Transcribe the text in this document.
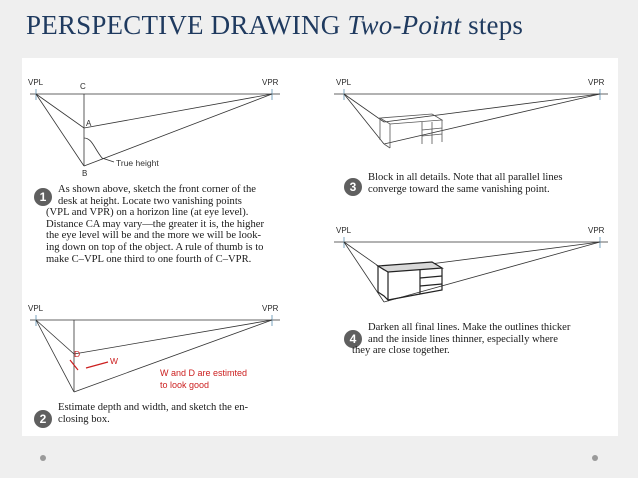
PERSPECTIVE DRAWING Two-Point steps
VPL	VPR
C
A
B
True height
VPL	VPR
D
W
W and D are estimted
to look good
VPL	VPR
VPL	VPR
1
As shown above, sketch the front corner of the
desk at height. Locate two vanishing points
(VPL and VPR) on a horizon line (at eye level).
Distance CA may vary—the greater it is, the higher
the eye level will be and the more we will be look-
ing down on top of the object. A rule of thumb is to
make C–VPL one third to one fourth of C–VPR.
2
Estimate depth and width, and sketch the en-
closing box.
3
Block in all details. Note that all parallel lines
converge toward the same vanishing point.
4
Darken all final lines. Make the outlines thicker
and the inside lines thinner, especially where
they are close together.
